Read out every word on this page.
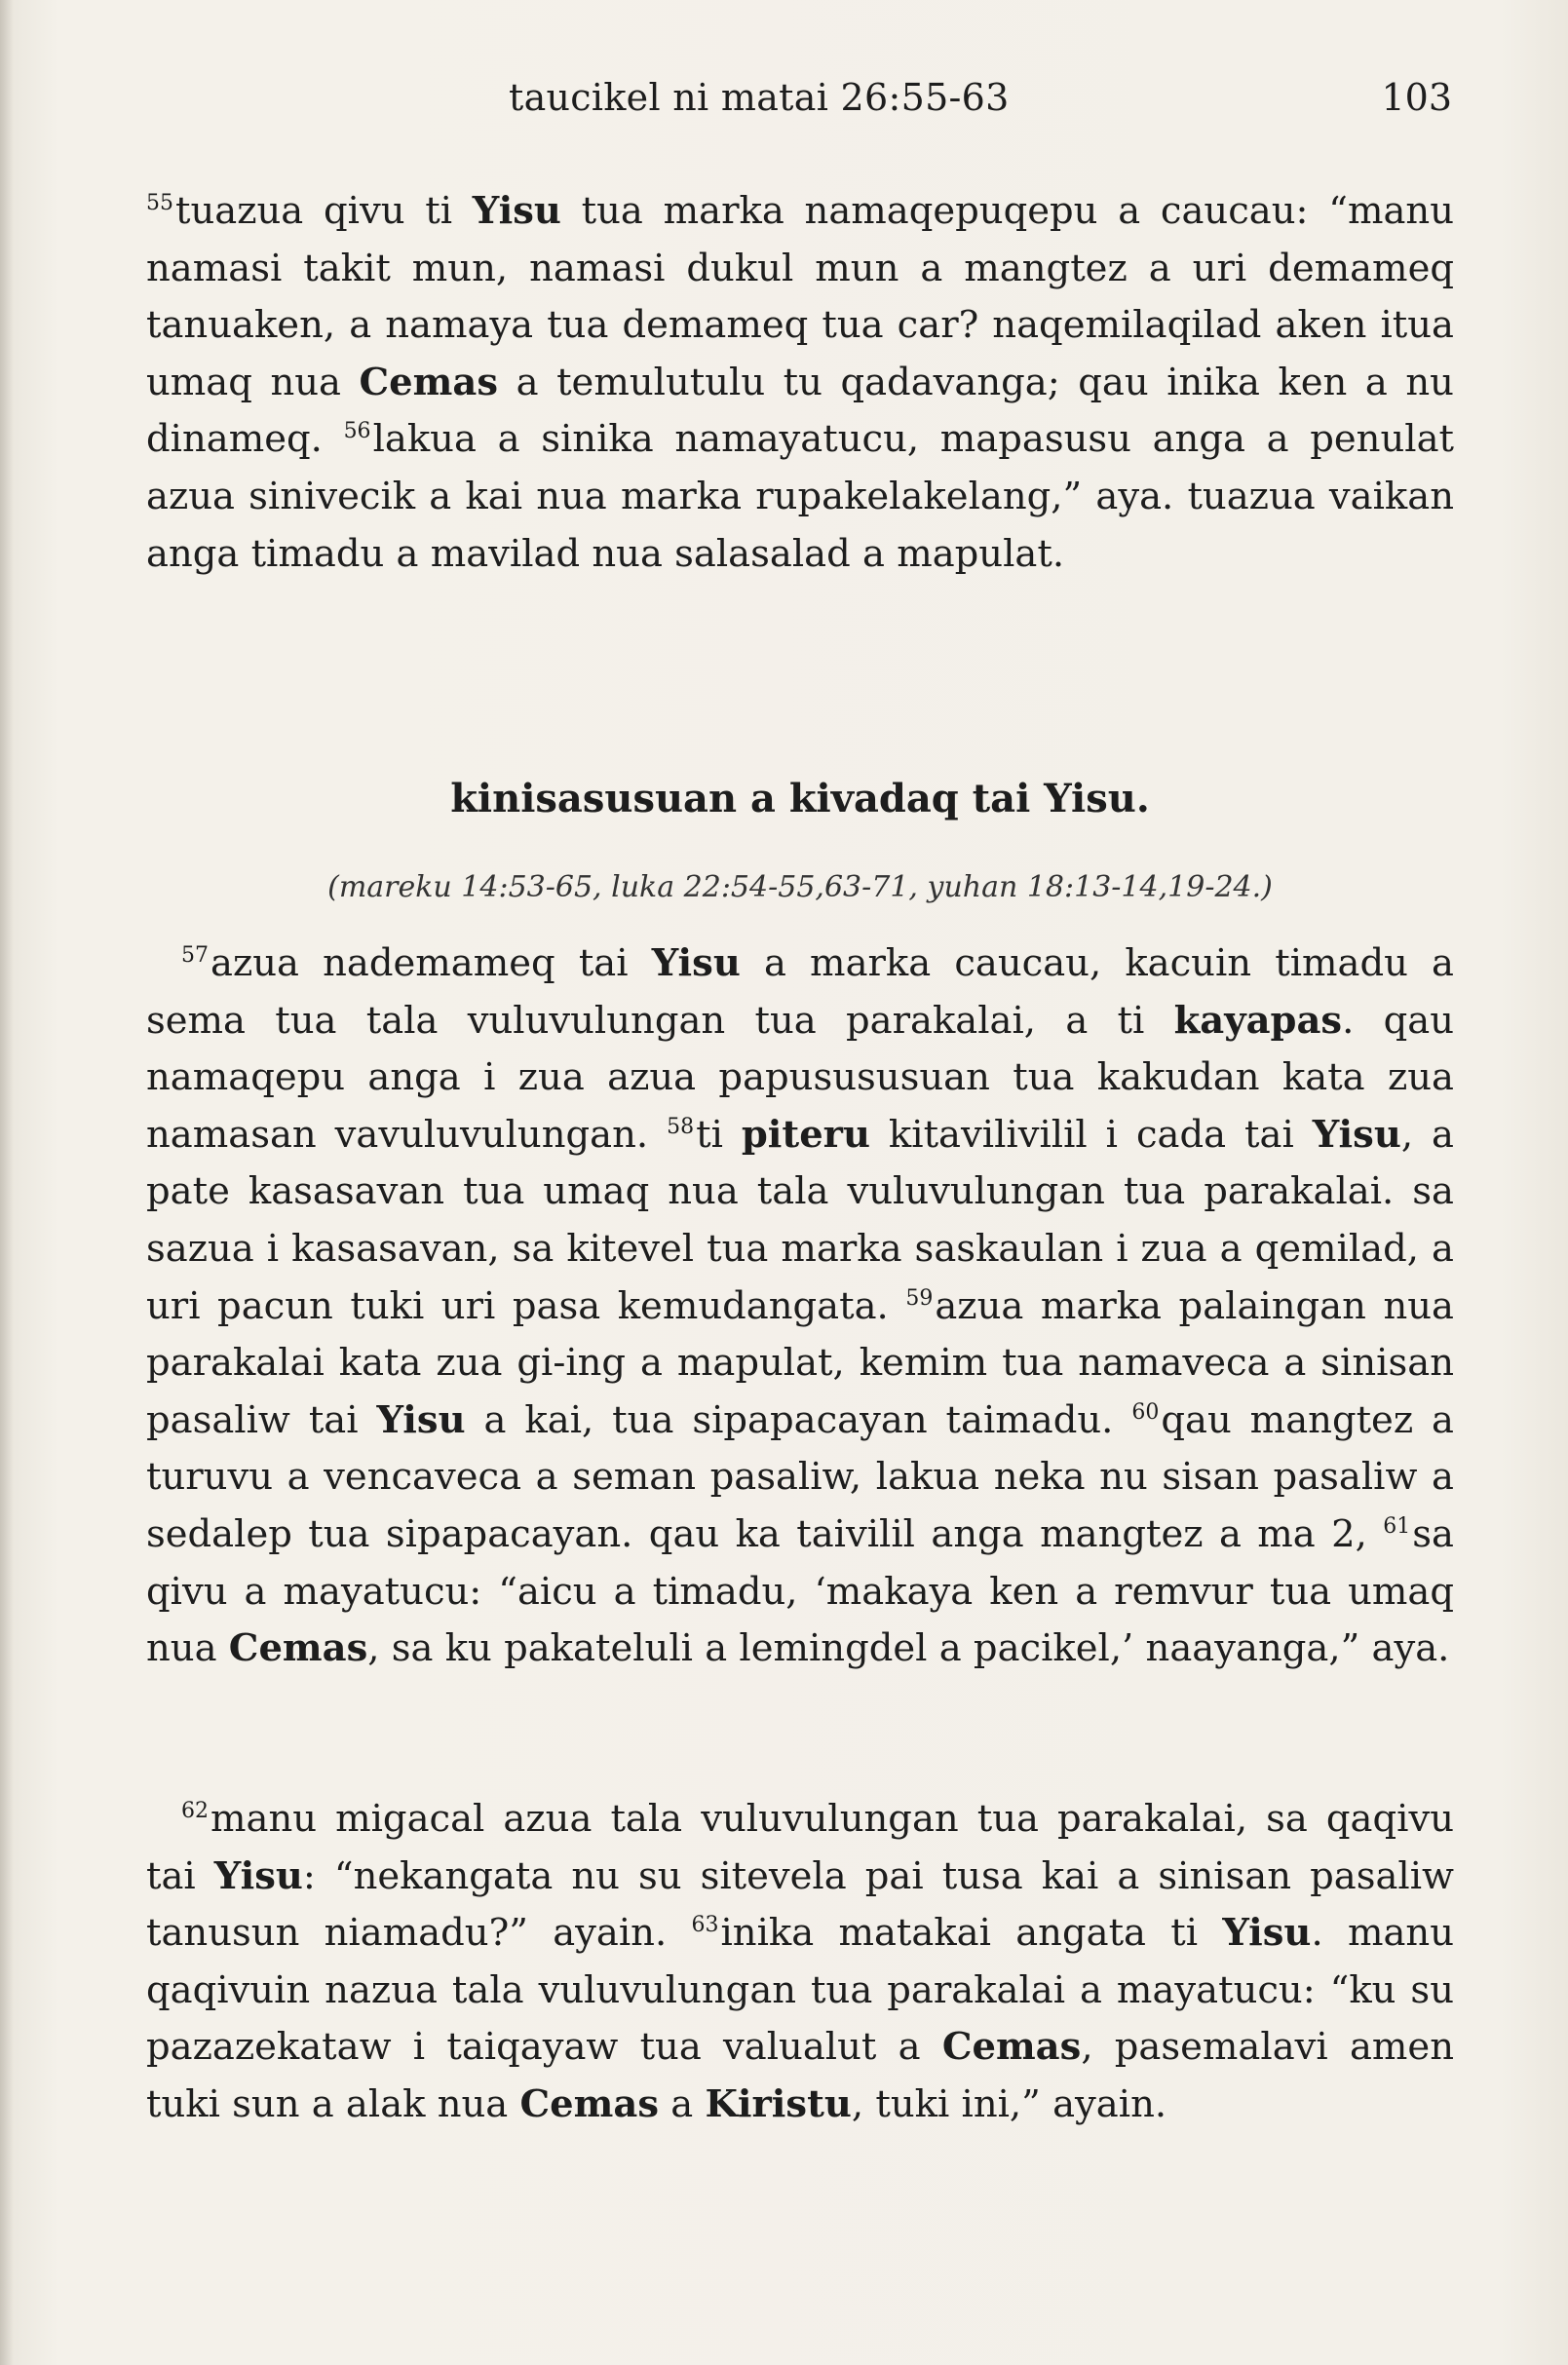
taucikel ni matai 26:55-63	103

$^{55}$tuazua qivu ti Yisu tua marka namaqepuqepu a caucau: “manu namasi takit mun, namasi dukul mun a mangtez a uri demameq tanuaken, a namaya tua demameq tua car? naqemilaqilad aken itua umaq nua Cemas a temulutulu tu qadavanga; qau inika ken a nu dinameq. $^{56}$lakua a sinika namayatucu, mapasusu anga a penulat azua sinivecik a kai nua marka rupakelakelang,” aya. tuazua vaikan anga timadu a mavilad nua salasalad a mapulat.

kinisasusuan a kivadaq tai Yisu.
(mareku 14:53-65, luka 22:54-55,63-71, yuhan 18:13-14,19-24.)

$^{57}$azua nademameq tai Yisu a marka caucau, kacuin timadu a sema tua tala vuluvulungan tua parakalai, a ti kayapas. qau namaqepu anga i zua azua papusususuan tua kakudan kata zua namasan vavuluvulungan. $^{58}$ti piteru kitavilivilil i cada tai Yisu, a pate kasasavan tua umaq nua tala vuluvulungan tua parakalai. sa sazua i kasasavan, sa kitevel tua marka saskaulan i zua a qemilad, a uri pacun tuki uri pasa kemudangata. $^{59}$azua marka palaingan nua parakalai kata zua gi-ing a mapulat, kemim tua namaveca a sinisan pasaliw tai Yisu a kai, tua sipapacayan taimadu. $^{60}$qau mangtez a turuvu a vencaveca a seman pasaliw, lakua neka nu sisan pasaliw a sedalep tua sipapacayan. qau ka taivilil anga mangtez a ma 2, $^{61}$sa qivu a mayatucu: “aicu a timadu, ‘makaya ken a remvur tua umaq nua Cemas, sa ku pakateluli a lemingdel a pacikel,’ naayanga,” aya.

$^{62}$manu migacal azua tala vuluvulungan tua parakalai, sa qaqivu tai Yisu: “nekangata nu su sitevela pai tusa kai a sinisan pasaliw tanusun niamadu?” ayain. $^{63}$inika matakai angata ti Yisu. manu qaqivuin nazua tala vuluvulungan tua parakalai a mayatucu: “ku su pazazekataw i taiqayaw tua valualut a Cemas, pasemalavi amen tuki sun a alak nua Cemas a Kiristu, tuki ini,” ayain.
